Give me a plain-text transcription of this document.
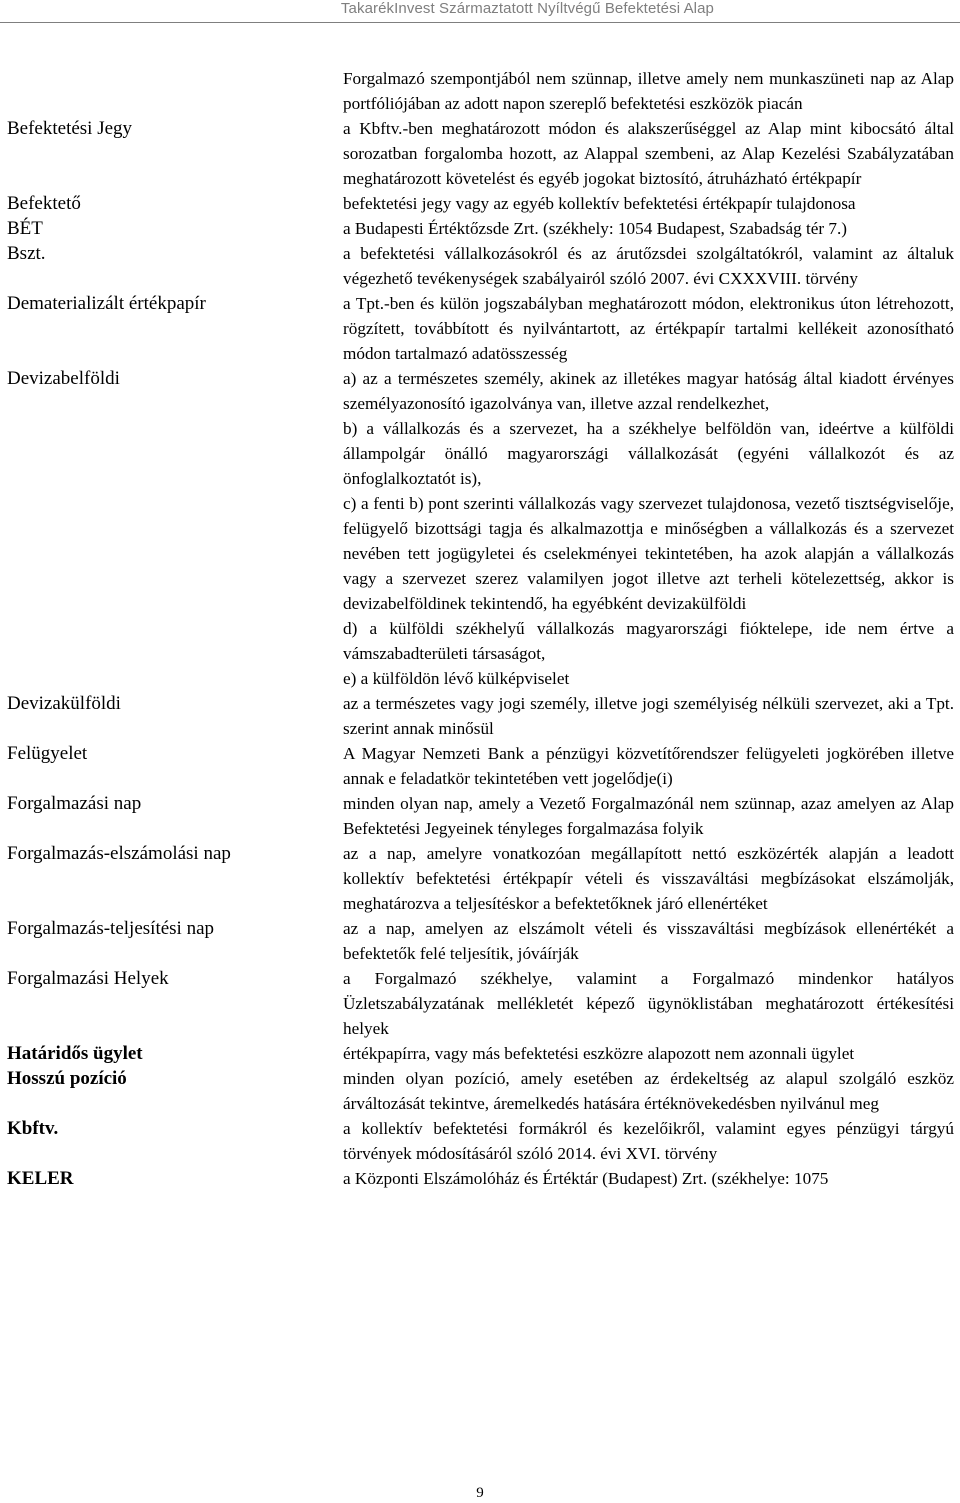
TakarékInvest Származtatott Nyíltvégű Befektetési Alap

Forgalmazó szempontjából nem szünnap, illetve amely nem munkaszüneti nap az Alap portfóliójában az adott napon szereplő befektetési eszközök piacán

Befektetési Jegy	a Kbftv.-ben meghatározott módon és alakszerűséggel az Alap mint kibocsátó által sorozatban forgalomba hozott, az Alappal szembeni, az Alap Kezelési Szabályzatában meghatározott követelést és egyéb jogokat biztosító, átruházható értékpapír

Befektető	befektetési jegy vagy az egyéb kollektív befektetési értékpapír tulajdonosa

BÉT	a Budapesti Értéktőzsde Zrt. (székhely: 1054 Budapest, Szabadság tér 7.)

Bszt.	a befektetési vállalkozásokról és az árutőzsdei szolgáltatókról, valamint az általuk végezhető tevékenységek szabályairól szóló 2007. évi CXXXVIII. törvény

Dematerializált értékpapír	a Tpt.-ben és külön jogszabályban meghatározott módon, elektronikus úton létrehozott, rögzített, továbbított és nyilvántartott, az értékpapír tartalmi kellékeit azonosítható módon tartalmazó adatösszesség

Devizabelföldi	a) az a természetes személy, akinek az illetékes magyar hatóság által kiadott érvényes személyazonosító igazolványa van, illetve azzal rendelkezhet,

b) a vállalkozás és a szervezet, ha a székhelye belföldön van, ideértve a külföldi állampolgár önálló magyarországi vállalkozását (egyéni vállalkozót és az önfoglalkoztatót is),

c) a fenti b) pont szerinti vállalkozás vagy szervezet tulajdonosa, vezető tisztségviselője, felügyelő bizottsági tagja és alkalmazottja e minőségben a vállalkozás és a szervezet nevében tett jogügyletei és cselekményei tekintetében, ha azok alapján a vállalkozás vagy a szervezet szerez valamilyen jogot illetve azt terheli kötelezettség, akkor is devizabelföldinek tekintendő, ha egyébként devizakülföldi

d) a külföldi székhelyű vállalkozás magyarországi fióktelepe, ide nem értve a vámszabadterületi társaságot,

e) a külföldön lévő külképviselet

Devizakülföldi	az a természetes vagy jogi személy, illetve jogi személyiség nélküli szervezet, aki a Tpt. szerint annak minősül

Felügyelet	A Magyar Nemzeti Bank a pénzügyi közvetítőrendszer felügyeleti jogkörében illetve annak e feladatkör tekintetében vett jogelődje(i)

Forgalmazási nap	minden olyan nap, amely a Vezető Forgalmazónál nem szünnap, azaz amelyen az Alap Befektetési Jegyeinek tényleges forgalmazása folyik

Forgalmazás-elszámolási nap	az a nap, amelyre vonatkozóan megállapított nettó eszközérték alapján a leadott kollektív befektetési értékpapír vételi és visszaváltási megbízásokat elszámolják, meghatározva a teljesítéskor a befektetőknek járó ellenértéket

Forgalmazás-teljesítési nap	az a nap, amelyen az elszámolt vételi és visszaváltási megbízások ellenértékét a befektetők felé teljesítik, jóváírják

Forgalmazási Helyek	a Forgalmazó székhelye, valamint a Forgalmazó mindenkor hatályos Üzletszabályzatának mellékletét képező ügynöklistában meghatározott értékesítési helyek

Határidős ügylet	értékpapírra, vagy más befektetési eszközre alapozott nem azonnali ügylet

Hosszú pozíció	minden olyan pozíció, amely esetében az érdekeltség az alapul szolgáló eszköz árváltozását tekintve, áremelkedés hatására értéknövekedésben nyilvánul meg

Kbftv.	a kollektív befektetési formákról és kezelőikről, valamint egyes pénzügyi tárgyú törvények módosításáról szóló 2014. évi XVI. törvény

KELER	a Központi Elszámolóház és Értéktár (Budapest) Zrt. (székhelye: 1075

9
